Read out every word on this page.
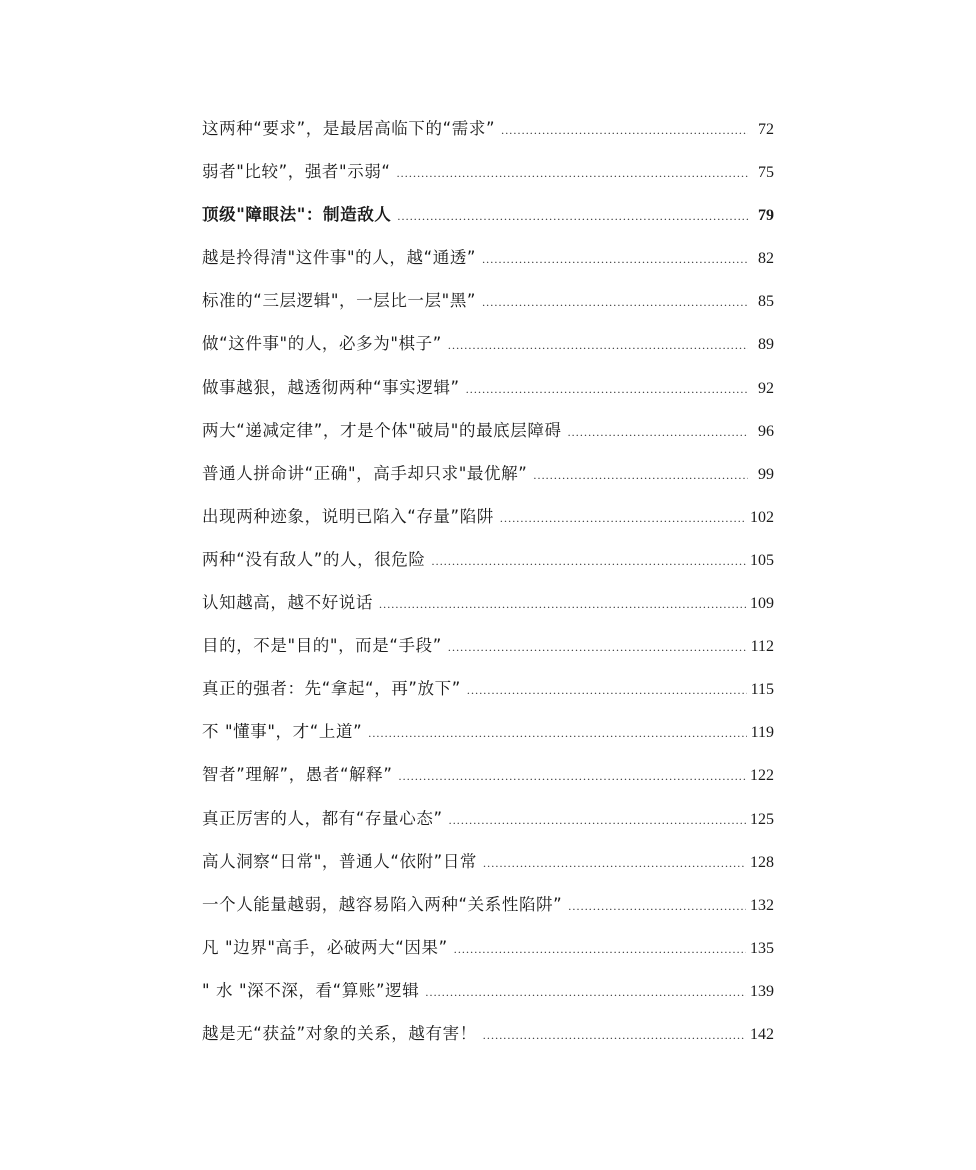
这两种“要求”，是最居高临下的“需求” .....	72
弱者"比较”，强者"示弱“ .....	75
顶级"障眼法"：制造敌人 .....	79
越是拎得清"这件事"的人，越“通透” .....	82
标准的“三层逻辑"，一层比一层"黑” .....	85
做“这件事"的人，必多为"棋子” .....	89
做事越狠，越透彻两种“事实逻辑” .....	92
两大“递减定律”，才是个体"破局"的最底层障碍 .....	96
普通人拼命讲“正确"，高手却只求"最优解” .....	99
出现两种迹象，说明已陷入“存量”陷阱 .....	102
两种“没有敌人”的人，很危险 .....	105
认知越高，越不好说话 .....	109
目的，不是"目的"，而是“手段” .....	112
真正的强者：先“拿起“，再”放下” .....	115
不 "懂事"，才“上道” .....	119
智者”理解”，愚者“解释” .....	122
真正厉害的人，都有“存量心态” .....	125
高人洞察“日常"，普通人“依附”日常 .....	128
一个人能量越弱，越容易陷入两种“关系性陷阱” .....	132
凡 "边界"高手，必破两大“因果” .....	135
" 水 "深不深，看“算账”逻辑 .....	139
越是无“获益”对象的关系，越有害！ .....	142
